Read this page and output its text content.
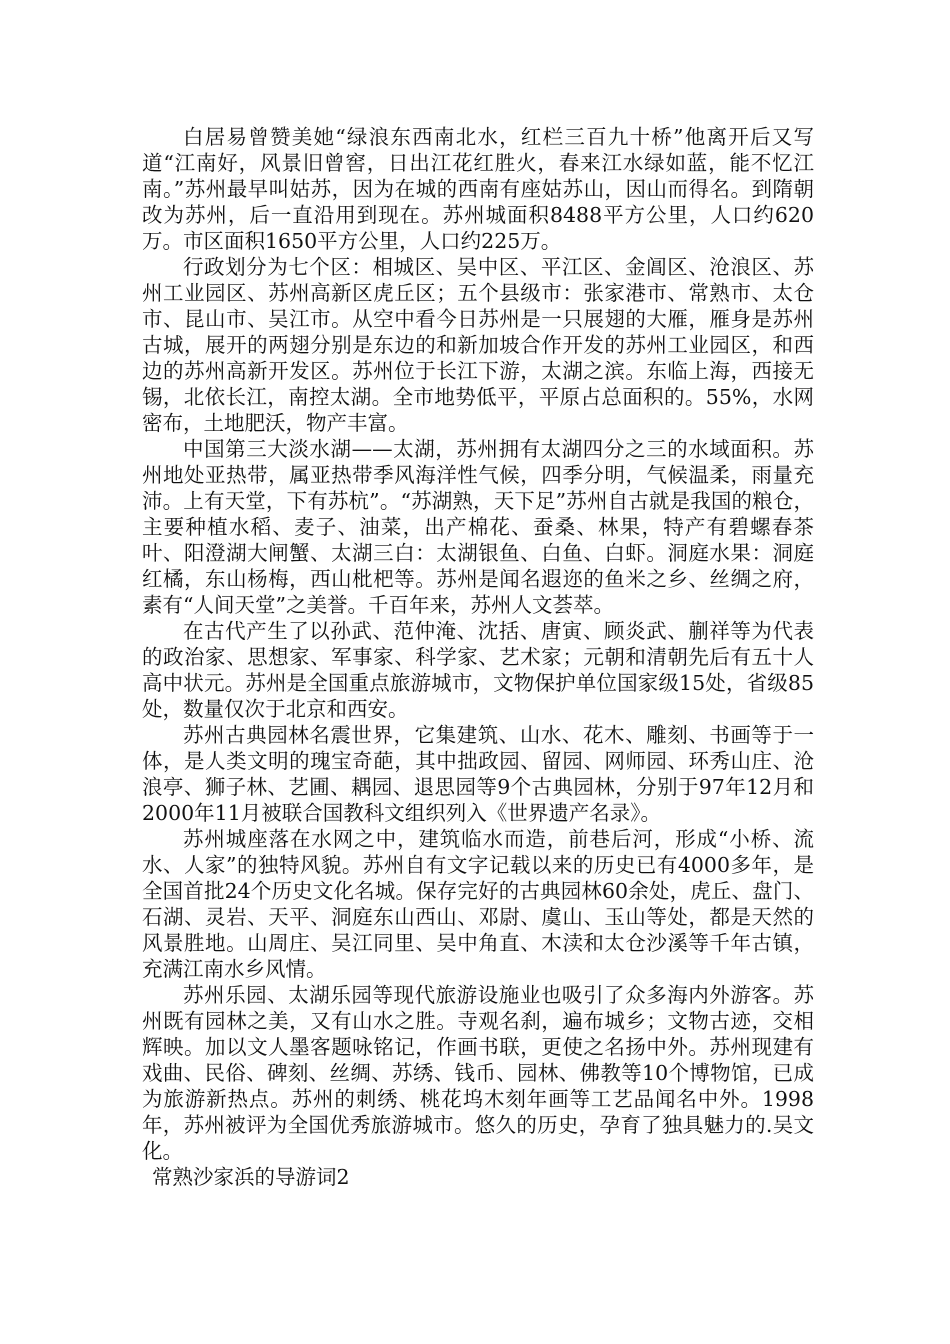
白居易曾赞美她“绿浪东西南北水，红栏三百九十桥”他离开后又写道“江南好，风景旧曾窖，日出江花红胜火，春来江水绿如蓝，能不忆江南。”苏州最早叫姑苏，因为在城的西南有座姑苏山，因山而得名。到隋朝改为苏州，后一直沿用到现在。苏州城面积8488平方公里，人口约620万。市区面积1650平方公里，人口约225万。

行政划分为七个区：相城区、吴中区、平江区、金阊区、沧浪区、苏州工业园区、苏州高新区虎丘区；五个县级市：张家港市、常熟市、太仓市、昆山市、吴江市。从空中看今日苏州是一只展翅的大雁，雁身是苏州古城，展开的两翅分别是东边的和新加坡合作开发的苏州工业园区，和西边的苏州高新开发区。苏州位于长江下游，太湖之滨。东临上海，西接无锡，北依长江，南控太湖。全市地势低平，平原占总面积的。55%，水网密布，土地肥沃，物产丰富。

中国第三大淡水湖——太湖，苏州拥有太湖四分之三的水域面积。苏州地处亚热带，属亚热带季风海洋性气候，四季分明，气候温柔，雨量充沛。上有天堂，下有苏杭”。“苏湖熟，天下足”苏州自古就是我国的粮仓，主要种植水稻、麦子、油菜，出产棉花、蚕桑、林果，特产有碧螺春茶叶、阳澄湖大闸蟹、太湖三白：太湖银鱼、白鱼、白虾。洞庭水果：洞庭红橘，东山杨梅，西山枇杷等。苏州是闻名遐迩的鱼米之乡、丝绸之府，素有“人间天堂”之美誉。千百年来，苏州人文荟萃。

在古代产生了以孙武、范仲淹、沈括、唐寅、顾炎武、蒯祥等为代表的政治家、思想家、军事家、科学家、艺术家；元朝和清朝先后有五十人高中状元。苏州是全国重点旅游城市，文物保护单位国家级15处，省级85处，数量仅次于北京和西安。

苏州古典园林名震世界，它集建筑、山水、花木、雕刻、书画等于一体，是人类文明的瑰宝奇葩，其中拙政园、留园、网师园、环秀山庄、沧浪亭、狮子林、艺圃、耦园、退思园等9个古典园林，分别于97年12月和2000年11月被联合国教科文组织列入《世界遗产名录》。

苏州城座落在水网之中，建筑临水而造，前巷后河，形成“小桥、流水、人家”的独特风貌。苏州自有文字记载以来的历史已有4000多年，是全国首批24个历史文化名城。保存完好的古典园林60余处，虎丘、盘门、石湖、灵岩、天平、洞庭东山西山、邓尉、虞山、玉山等处，都是天然的风景胜地。山周庄、吴江同里、吴中角直、木渎和太仓沙溪等千年古镇，充满江南水乡风情。

苏州乐园、太湖乐园等现代旅游设施业也吸引了众多海内外游客。苏州既有园林之美，又有山水之胜。寺观名刹，遍布城乡；文物古迹，交相辉映。加以文人墨客题咏铭记，作画书联，更使之名扬中外。苏州现建有戏曲、民俗、碑刻、丝绸、苏绣、钱币、园林、佛教等10个博物馆，已成为旅游新热点。苏州的刺绣、桃花坞木刻年画等工艺品闻名中外。1998年，苏州被评为全国优秀旅游城市。悠久的历史，孕育了独具魅力的.吴文化。

常熟沙家浜的导游词2
